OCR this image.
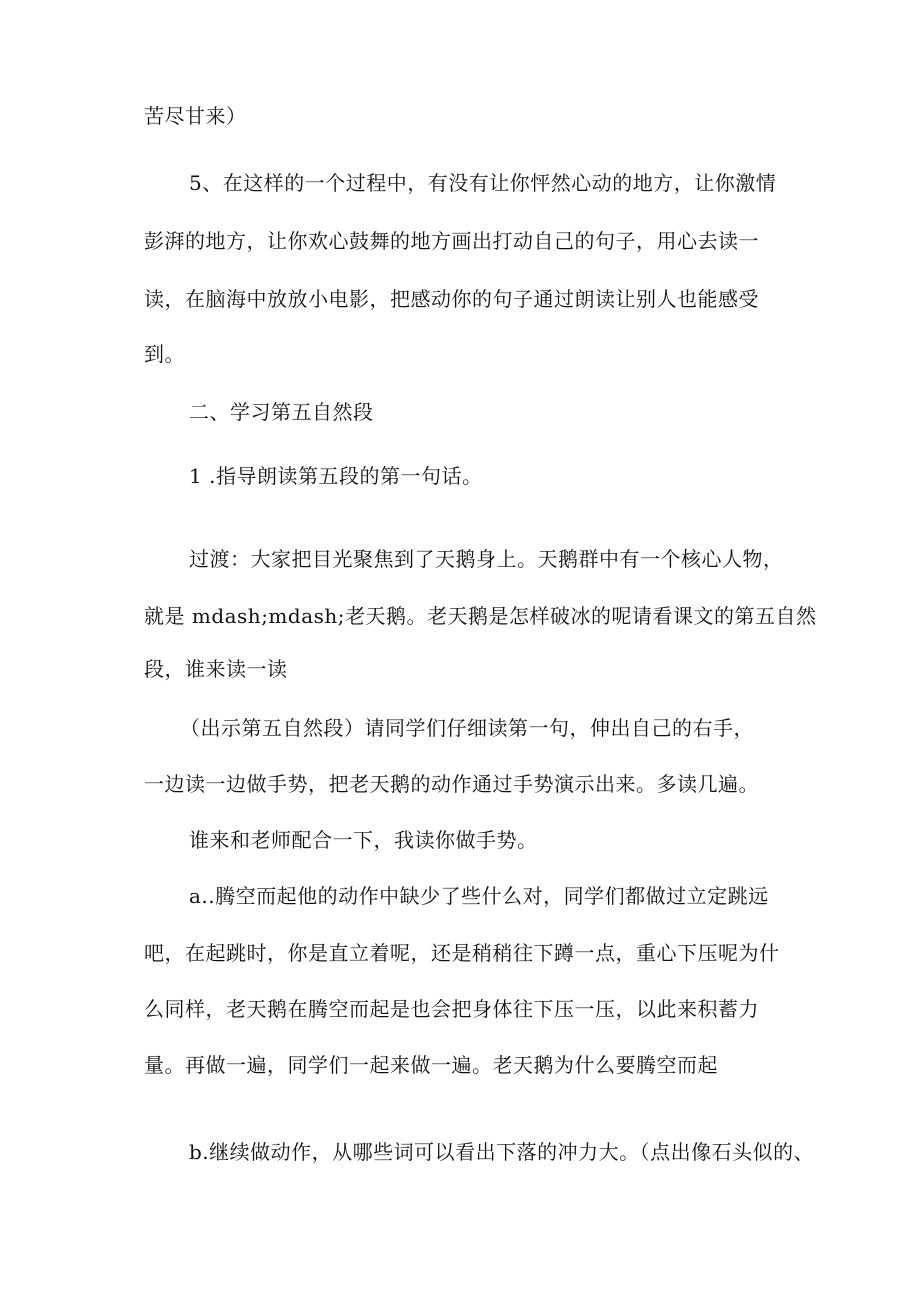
苦尽甘来）
5、在这样的一个过程中，有没有让你怦然心动的地方，让你激情
彭湃的地方，让你欢心鼓舞的地方画出打动自己的句子，用心去读一
读，在脑海中放放小电影，把感动你的句子通过朗读让别人也能感受
到。
二、学习第五自然段
1 .指导朗读第五段的第一句话。
过渡：大家把目光聚焦到了天鹅身上。天鹅群中有一个核心人物，
就是 mdash;mdash;老天鹅。老天鹅是怎样破冰的呢请看课文的第五自然
段，谁来读一读
（出示第五自然段）请同学们仔细读第一句，伸出自己的右手，
一边读一边做手势，把老天鹅的动作通过手势演示出来。多读几遍。
谁来和老师配合一下，我读你做手势。
a..腾空而起他的动作中缺少了些什么对，同学们都做过立定跳远
吧，在起跳时，你是直立着呢，还是稍稍往下蹲一点，重心下压呢为什
么同样，老天鹅在腾空而起是也会把身体往下压一压，以此来积蓄力
量。再做一遍，同学们一起来做一遍。老天鹅为什么要腾空而起
b.继续做动作，从哪些词可以看出下落的冲力大。（点出像石头似的、
